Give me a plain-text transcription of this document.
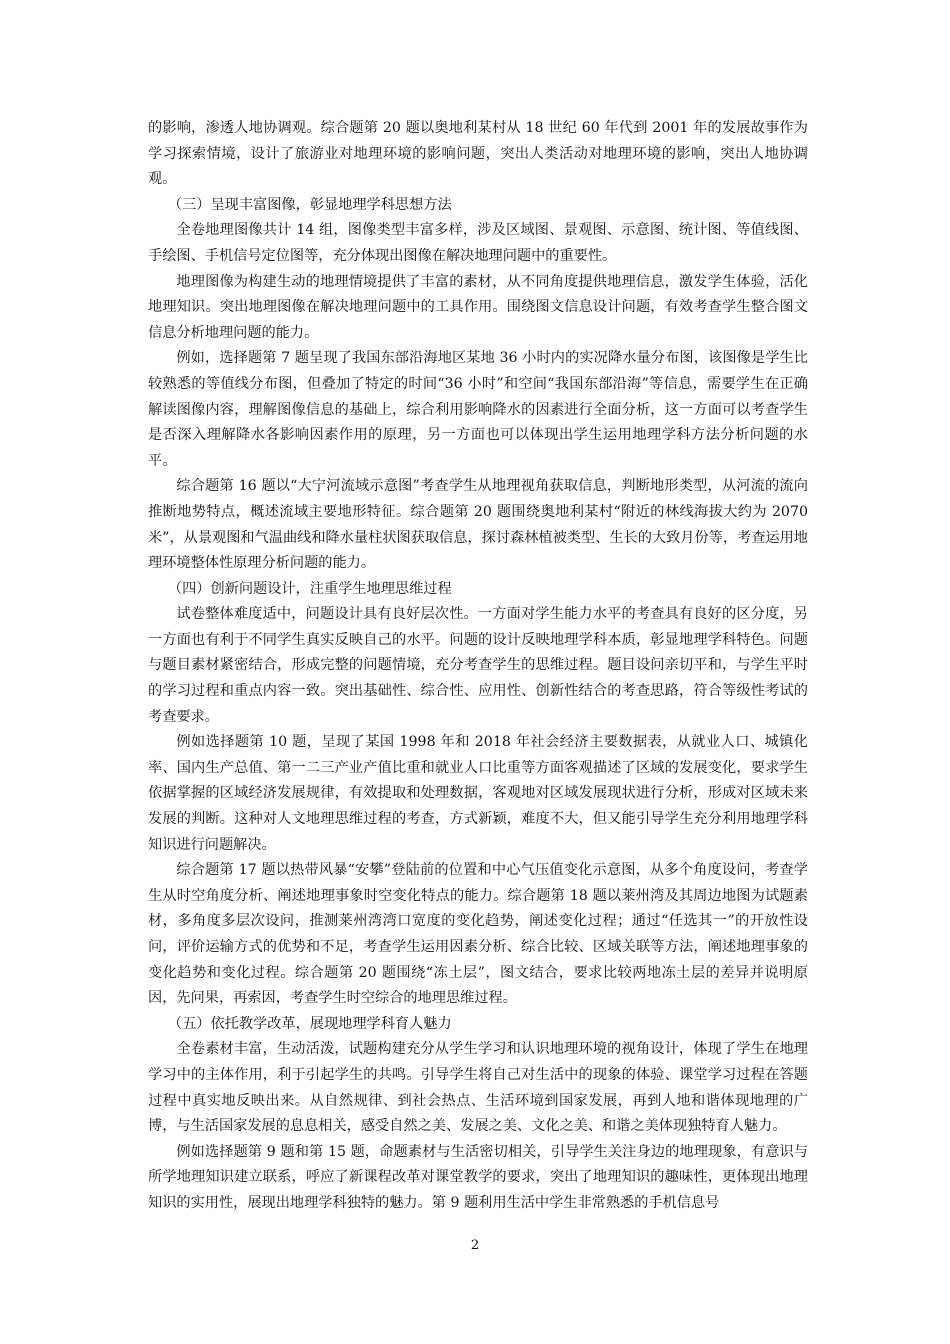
的影响，渗透人地协调观。综合题第 20 题以奥地利某村从 18 世纪 60 年代到 2001 年的发展故事作为学习探索情境，设计了旅游业对地理环境的影响问题，突出人类活动对地理环境的影响，突出人地协调观。

（三）呈现丰富图像，彰显地理学科思想方法

全卷地理图像共计 14 组，图像类型丰富多样，涉及区域图、景观图、示意图、统计图、等值线图、手绘图、手机信号定位图等，充分体现出图像在解决地理问题中的重要性。

地理图像为构建生动的地理情境提供了丰富的素材，从不同角度提供地理信息，激发学生体验，活化地理知识。突出地理图像在解决地理问题中的工具作用。围绕图文信息设计问题，有效考查学生整合图文信息分析地理问题的能力。

例如，选择题第 7 题呈现了我国东部沿海地区某地 36 小时内的实况降水量分布图，该图像是学生比较熟悉的等值线分布图，但叠加了特定的时间“36 小时”和空间“我国东部沿海”等信息，需要学生在正确解读图像内容，理解图像信息的基础上，综合利用影响降水的因素进行全面分析，这一方面可以考查学生是否深入理解降水各影响因素作用的原理，另一方面也可以体现出学生运用地理学科方法分析问题的水平。

综合题第 16 题以“大宁河流域示意图”考查学生从地理视角获取信息，判断地形类型，从河流的流向推断地势特点，概述流域主要地形特征。综合题第 20 题围绕奥地利某村“附近的林线海拔大约为 2070 米”，从景观图和气温曲线和降水量柱状图获取信息，探讨森林植被类型、生长的大致月份等，考查运用地理环境整体性原理分析问题的能力。

（四）创新问题设计，注重学生地理思维过程

试卷整体难度适中，问题设计具有良好层次性。一方面对学生能力水平的考查具有良好的区分度，另一方面也有利于不同学生真实反映自己的水平。问题的设计反映地理学科本质，彰显地理学科特色。问题与题目素材紧密结合，形成完整的问题情境，充分考查学生的思维过程。题目设问亲切平和，与学生平时的学习过程和重点内容一致。突出基础性、综合性、应用性、创新性结合的考查思路，符合等级性考试的考查要求。

例如选择题第 10 题，呈现了某国 1998 年和 2018 年社会经济主要数据表，从就业人口、城镇化率、国内生产总值、第一二三产业产值比重和就业人口比重等方面客观描述了区域的发展变化，要求学生依据掌握的区域经济发展规律，有效提取和处理数据，客观地对区域发展现状进行分析，形成对区域未来发展的判断。这种对人文地理思维过程的考查，方式新颖，难度不大，但又能引导学生充分利用地理学科知识进行问题解决。

综合题第 17 题以热带风暴“安攀”登陆前的位置和中心气压值变化示意图，从多个角度设问，考查学生从时空角度分析、阐述地理事象时空变化特点的能力。综合题第 18 题以莱州湾及其周边地图为试题素材，多角度多层次设问，推测莱州湾湾口宽度的变化趋势，阐述变化过程；通过“任选其一”的开放性设问，评价运输方式的优势和不足，考查学生运用因素分析、综合比较、区域关联等方法，阐述地理事象的变化趋势和变化过程。综合题第 20 题围绕“冻土层”，图文结合，要求比较两地冻土层的差异并说明原因，先问果，再索因，考查学生时空综合的地理思维过程。

（五）依托教学改革，展现地理学科育人魅力

全卷素材丰富，生动活泼，试题构建充分从学生学习和认识地理环境的视角设计，体现了学生在地理学习中的主体作用，利于引起学生的共鸣。引导学生将自己对生活中的现象的体验、课堂学习过程在答题过程中真实地反映出来。从自然规律、到社会热点、生活环境到国家发展，再到人地和谐体现地理的广博，与生活国家发展的息息相关，感受自然之美、发展之美、文化之美、和谐之美体现独特育人魅力。

例如选择题第 9 题和第 15 题，命题素材与生活密切相关，引导学生关注身边的地理现象，有意识与所学地理知识建立联系，呼应了新课程改革对课堂教学的要求，突出了地理知识的趣味性，更体现出地理知识的实用性，展现出地理学科独特的魅力。第 9 题利用生活中学生非常熟悉的手机信息号

2
